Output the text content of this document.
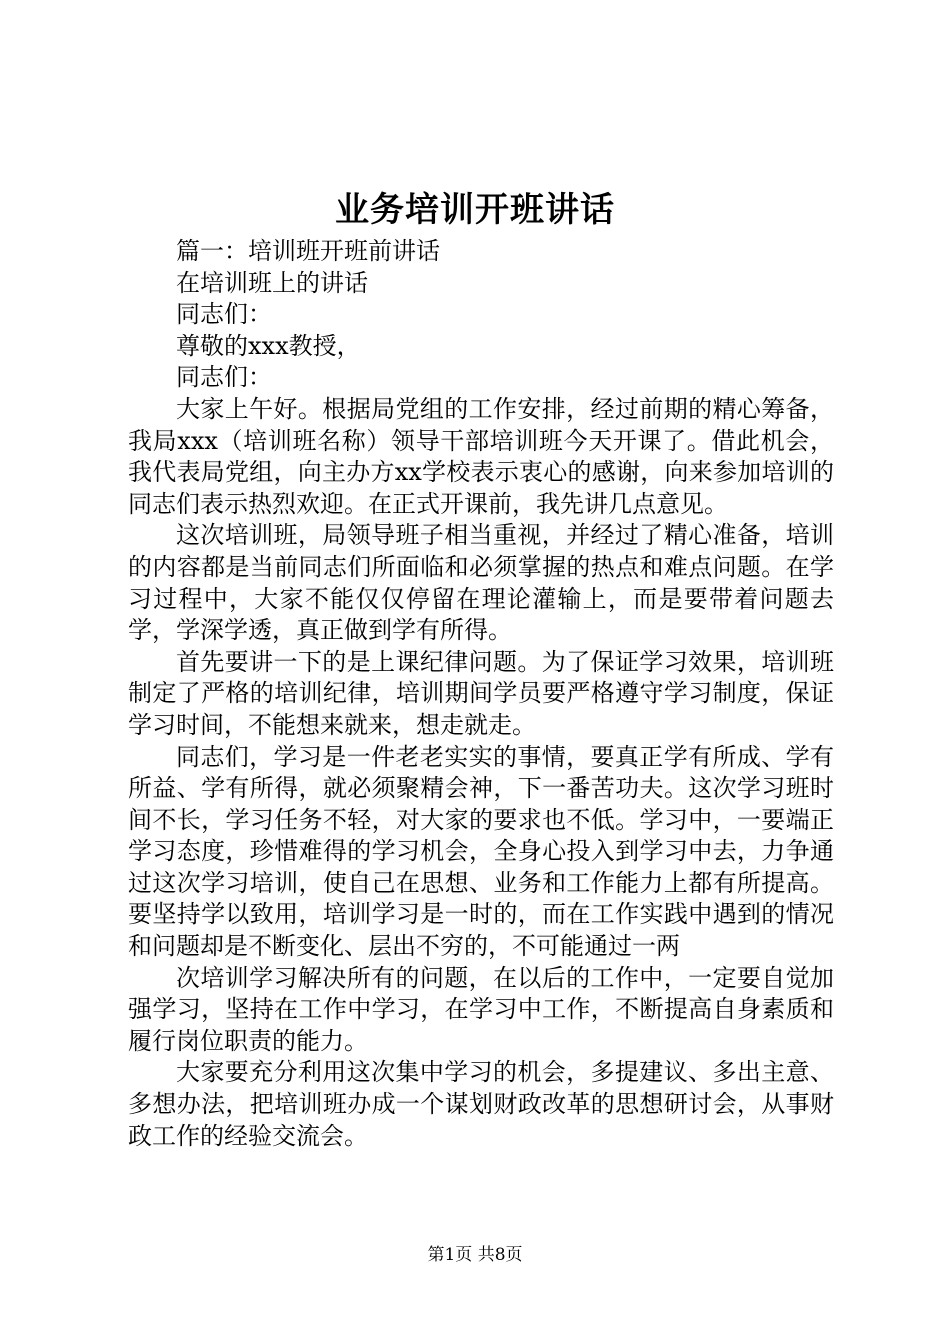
业务培训开班讲话

篇一：培训班开班前讲话

在培训班上的讲话

同志们：

尊敬的xxx教授，

同志们：

大家上午好。根据局党组的工作安排，经过前期的精心筹备，我局xxx（培训班名称）领导干部培训班今天开课了。借此机会，我代表局党组，向主办方xx学校表示衷心的感谢，向来参加培训的同志们表示热烈欢迎。在正式开课前，我先讲几点意见。

这次培训班，局领导班子相当重视，并经过了精心准备，培训的内容都是当前同志们所面临和必须掌握的热点和难点问题。在学习过程中，大家不能仅仅停留在理论灌输上，而是要带着问题去学，学深学透，真正做到学有所得。

首先要讲一下的是上课纪律问题。为了保证学习效果，培训班制定了严格的培训纪律，培训期间学员要严格遵守学习制度，保证学习时间，不能想来就来，想走就走。

同志们，学习是一件老老实实的事情，要真正学有所成、学有所益、学有所得，就必须聚精会神，下一番苦功夫。这次学习班时间不长，学习任务不轻，对大家的要求也不低。学习中，一要端正学习态度，珍惜难得的学习机会，全身心投入到学习中去，力争通过这次学习培训，使自己在思想、业务和工作能力上都有所提高。要坚持学以致用，培训学习是一时的，而在工作实践中遇到的情况和问题却是不断变化、层出不穷的，不可能通过一两

次培训学习解决所有的问题，在以后的工作中，一定要自觉加强学习，坚持在工作中学习，在学习中工作，不断提高自身素质和履行岗位职责的能力。

大家要充分利用这次集中学习的机会，多提建议、多出主意、多想办法，把培训班办成一个谋划财政改革的思想研讨会，从事财政工作的经验交流会。

第1页 共8页
